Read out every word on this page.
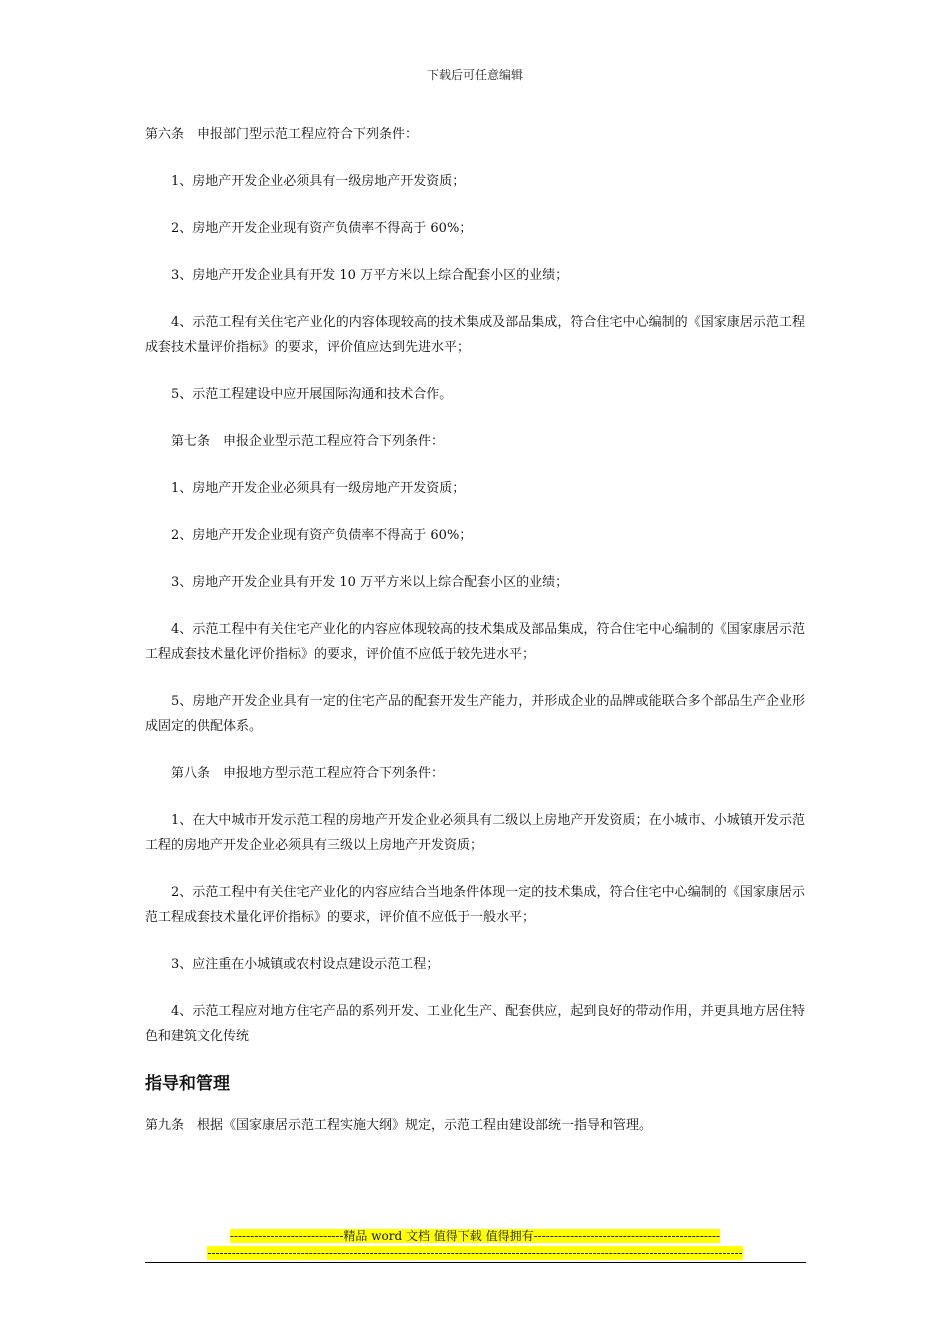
下载后可任意编辑

第六条　申报部门型示范工程应符合下列条件：

1、房地产开发企业必须具有一级房地产开发资质；

2、房地产开发企业现有资产负债率不得高于 60%；

3、房地产开发企业具有开发 10 万平方米以上综合配套小区的业绩；

4、示范工程有关住宅产业化的内容体现较高的技术集成及部品集成，符合住宅中心编制的《国家康居示范工程成套技术量评价指标》的要求，评价值应达到先进水平；

5、示范工程建设中应开展国际沟通和技术合作。

第七条　申报企业型示范工程应符合下列条件：

1、房地产开发企业必须具有一级房地产开发资质；

2、房地产开发企业现有资产负债率不得高于 60%；

3、房地产开发企业具有开发 10 万平方米以上综合配套小区的业绩；

4、示范工程中有关住宅产业化的内容应体现较高的技术集成及部品集成，符合住宅中心编制的《国家康居示范工程成套技术量化评价指标》的要求，评价值不应低于较先进水平；

5、房地产开发企业具有一定的住宅产品的配套开发生产能力，并形成企业的品牌或能联合多个部品生产企业形成固定的供配体系。

第八条　申报地方型示范工程应符合下列条件：

1、在大中城市开发示范工程的房地产开发企业必须具有二级以上房地产开发资质；在小城市、小城镇开发示范工程的房地产开发企业必须具有三级以上房地产开发资质；

2、示范工程中有关住宅产业化的内容应结合当地条件体现一定的技术集成，符合住宅中心编制的《国家康居示范工程成套技术量化评价指标》的要求，评价值不应低于一般水平；

3、应注重在小城镇或农村设点建设示范工程；

4、示范工程应对地方住宅产品的系列开发、工业化生产、配套供应，起到良好的带动作用，并更具地方居住特色和建筑文化传统

指导和管理

第九条　根据《国家康居示范工程实施大纲》规定，示范工程由建设部统一指导和管理。

----------------------------精品 word 文档 值得下载 值得拥有----------------------------------------------
------------------------------------------------------------------------------------------------------------------------------------
